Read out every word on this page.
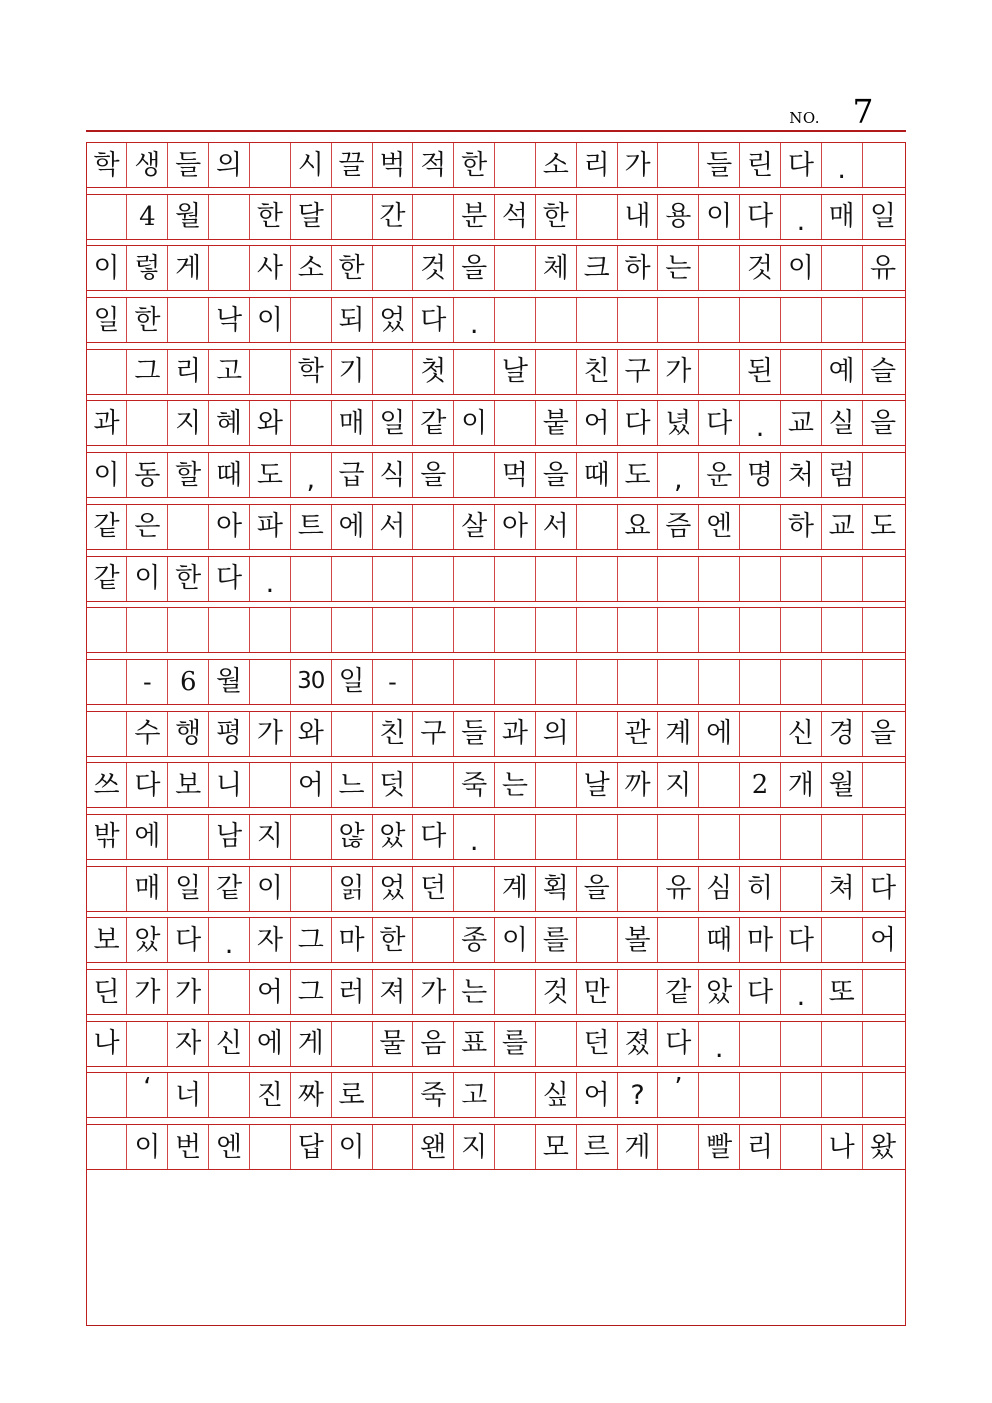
NO. 7
학 생 들 의 시 끌 벅 적 한 소 리 가 들 린 다 .
4 월 한 달 간 분 석 한 내 용 이 다 . 매 일
이 렇 게 사 소 한 것 을 체 크 하 는 것 이 유
일 한 낙 이 되 었 다 .
그 리 고 학 기 첫 날 친 구 가 된 예 슬
과 지 혜 와 매 일 같 이 붙 어 다 녔 다 . 교 실 을
이 동 할 때 도 , 급 식 을 먹 을 때 도 , 운 명 처 럼
같 은 아 파 트 에 서 살 아 서 요 즘 엔 하 교 도
같 이 한 다 .
-	6 월	30 일 -
수 행 평 가 와 친 구 들 과 의 관 계 에 신 경 을
쓰 다 보 니 어 느 덧 죽 는 날 까 지	2 개 월
밖 에 남 지 않 았 다 .
매 일 같 이 읽 었 던 계 획 을 유 심 히 쳐 다
보 았 다 . 자 그 마 한 종 이 를 볼 때 마 다 어
딘 가 가 어 그 러 져 가 는 것 만 같 았 다 . 또
나 자 신 에 게 물 음 표 를 던 졌 다 .
‘ 너 진 짜 로 죽 고 싶 어 ?	’
이 번 엔 답 이 왠 지 모 르 게 빨 리 나 왔
